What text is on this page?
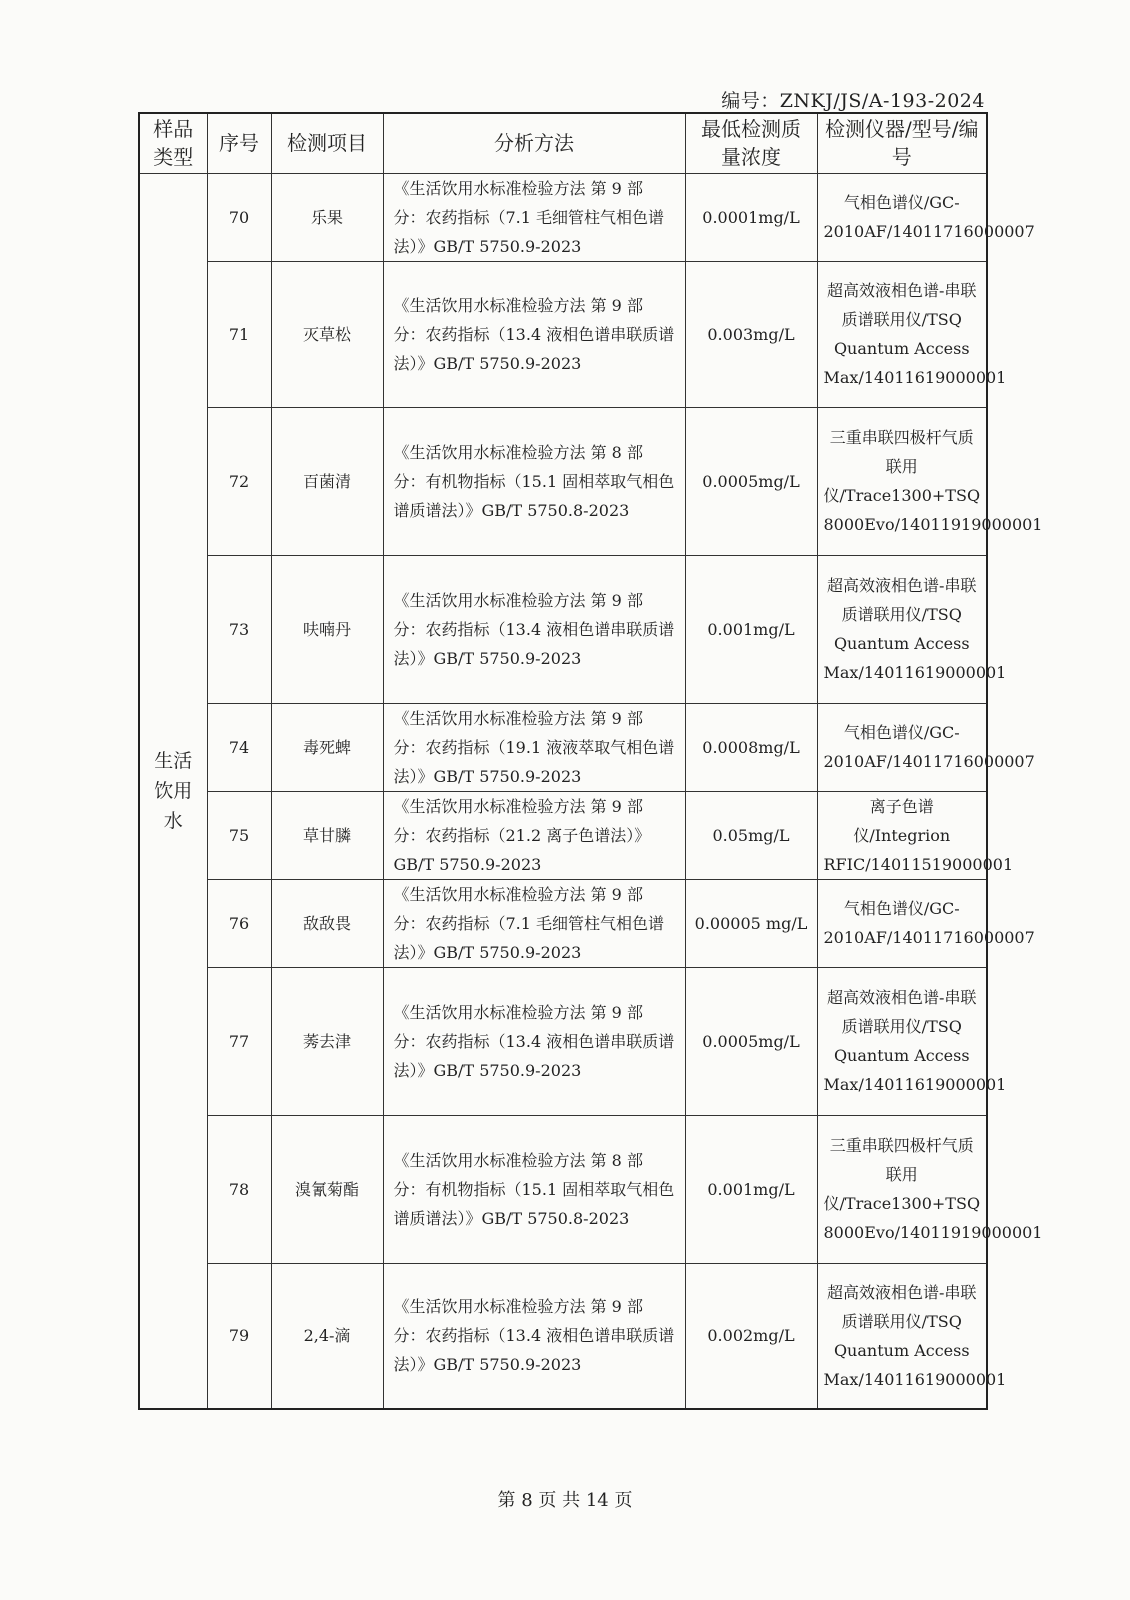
编号：ZNKJ/JS/A-193-2024
样品类型	序号	检测项目	分析方法	最低检测质量浓度	检测仪器/型号/编号
生活饮用水	70	乐果	《生活饮用水标准检验方法 第 9 部分：农药指标（7.1 毛细管柱气相色谱法）》GB/T 5750.9-2023	0.0001mg/L	气相色谱仪/GC-2010AF/14011716000007
	71	灭草松	《生活饮用水标准检验方法 第 9 部分：农药指标（13.4 液相色谱串联质谱法）》GB/T 5750.9-2023	0.003mg/L	超高效液相色谱-串联质谱联用仪/TSQ Quantum Access Max/14011619000001
	72	百菌清	《生活饮用水标准检验方法 第 8 部分：有机物指标（15.1 固相萃取气相色谱质谱法）》GB/T 5750.8-2023	0.0005mg/L	三重串联四极杆气质联用仪/Trace1300+TSQ 8000Evo/14011919000001
	73	呋喃丹	《生活饮用水标准检验方法 第 9 部分：农药指标（13.4 液相色谱串联质谱法）》GB/T 5750.9-2023	0.001mg/L	超高效液相色谱-串联质谱联用仪/TSQ Quantum Access Max/14011619000001
	74	毒死蜱	《生活饮用水标准检验方法 第 9 部分：农药指标（19.1 液液萃取气相色谱法）》GB/T 5750.9-2023	0.0008mg/L	气相色谱仪/GC-2010AF/14011716000007
	75	草甘膦	《生活饮用水标准检验方法 第 9 部分：农药指标（21.2 离子色谱法）》GB/T 5750.9-2023	0.05mg/L	离子色谱仪/Integrion RFIC/14011519000001
	76	敌敌畏	《生活饮用水标准检验方法 第 9 部分：农药指标（7.1 毛细管柱气相色谱法）》GB/T 5750.9-2023	0.00005 mg/L	气相色谱仪/GC-2010AF/14011716000007
	77	莠去津	《生活饮用水标准检验方法 第 9 部分：农药指标（13.4 液相色谱串联质谱法）》GB/T 5750.9-2023	0.0005mg/L	超高效液相色谱-串联质谱联用仪/TSQ Quantum Access Max/14011619000001
	78	溴氰菊酯	《生活饮用水标准检验方法 第 8 部分：有机物指标（15.1 固相萃取气相色谱质谱法）》GB/T 5750.8-2023	0.001mg/L	三重串联四极杆气质联用仪/Trace1300+TSQ 8000Evo/14011919000001
	79	2,4-滴	《生活饮用水标准检验方法 第 9 部分：农药指标（13.4 液相色谱串联质谱法）》GB/T 5750.9-2023	0.002mg/L	超高效液相色谱-串联质谱联用仪/TSQ Quantum Access Max/14011619000001
第 8 页 共 14 页
